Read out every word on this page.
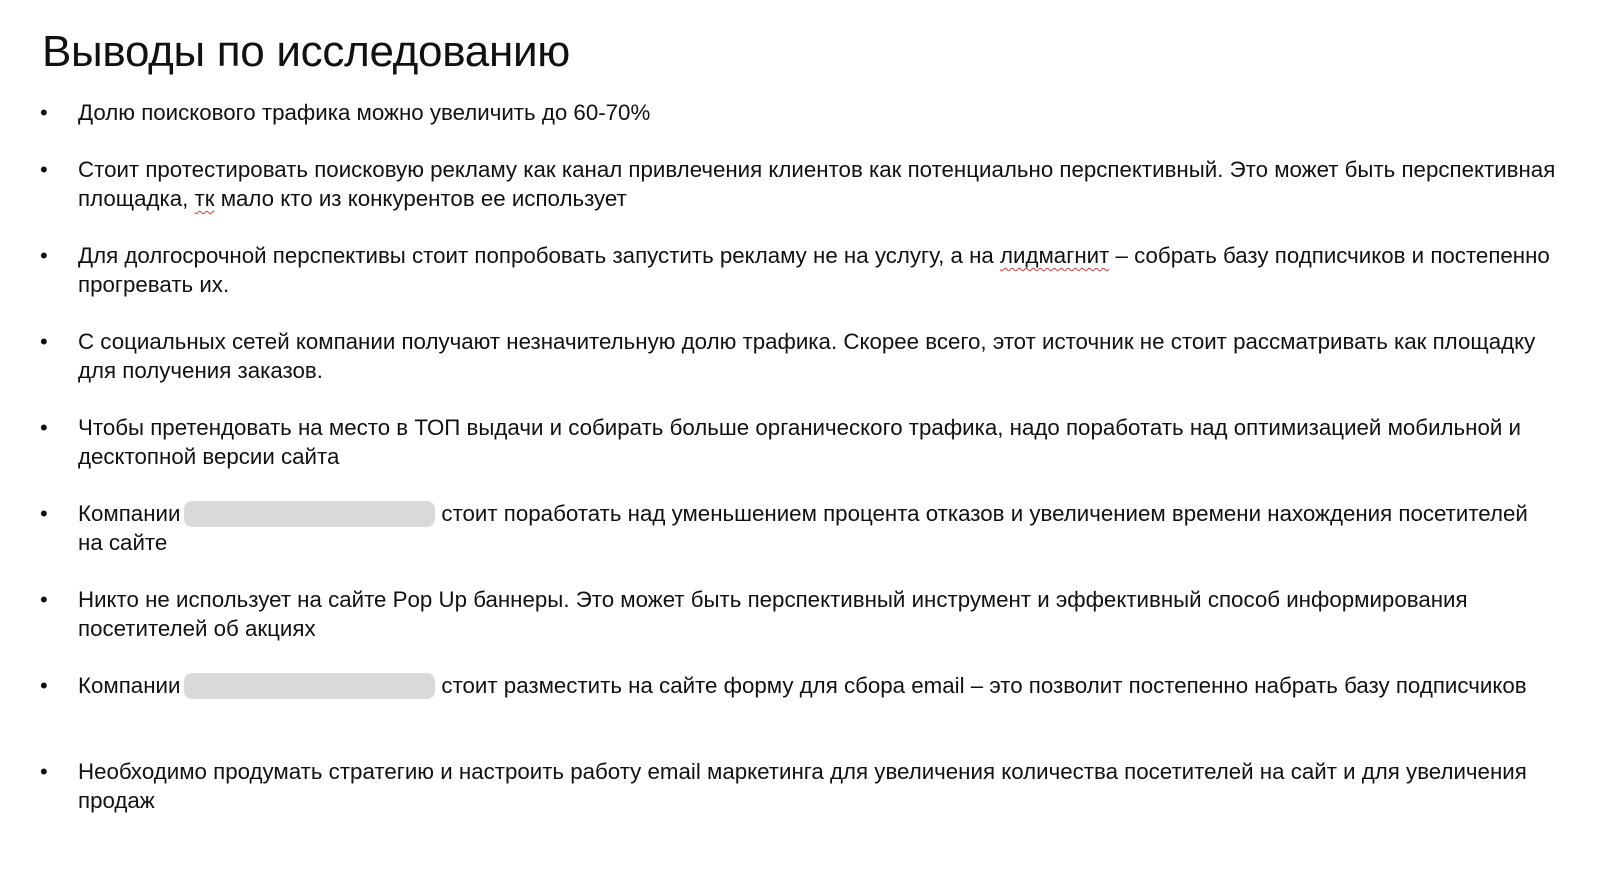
Выводы по исследованию
• Долю поискового трафика можно увеличить до 60-70%
• Стоит протестировать поисковую рекламу как канал привлечения клиентов как потенциально перспективный. Это может быть перспективная площадка, тк мало кто из конкурентов ее использует
• Для долгосрочной перспективы стоит попробовать запустить рекламу не на услугу, а на лидмагнит – собрать базу подписчиков и постепенно прогревать их.
• С социальных сетей компании получают незначительную долю трафика. Скорее всего, этот источник не стоит рассматривать как площадку для получения заказов.
• Чтобы претендовать на место в ТОП выдачи и собирать больше органического трафика, надо поработать над оптимизацией мобильной и десктопной версии сайта
• Компании	стоит поработать над уменьшением процента отказов и увеличением времени нахождения посетителей на сайте
• Никто не использует на сайте Pop Up баннеры. Это может быть перспективный инструмент и эффективный способ информирования посетителей об акциях
• Компании	стоит разместить на сайте форму для сбора email – это позволит постепенно набрать базу подписчиков
• Необходимо продумать стратегию и настроить работу email маркетинга для увеличения количества посетителей на сайт и для увеличения продаж
